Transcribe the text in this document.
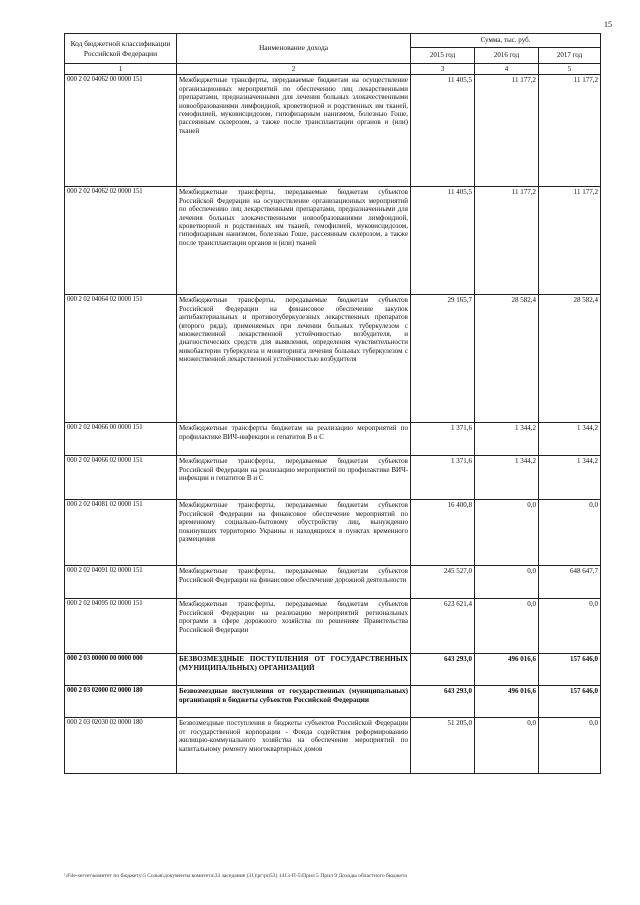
15
Код бюджетной классификации Российской Федерации	Наименование дохода	Сумма, тыс. руб.		
		2015 год	2016 год	2017 год
1	2	3	4	5
000 2 02 04062 00 0000 151	Межбюджетные трансферты, передаваемые бюджетам на осуществление организационных мероприятий по обеспечению лиц лекарственными препаратами, предназначенными для лечения больных злокачественными новообразованиями лимфоидной, кроветворной и родственных им тканей, гемофилией, муковисцидозом, гипофизарным нанизмом, болезнью Гоше, рассеянным склерозом, а также после трансплантации органов и (или) тканей	11 405,5	11 177,2	11 177,2
000 2 02 04062 02 0000 151	Межбюджетные трансферты, передаваемые бюджетам субъектов Российской Федерации на осуществление организационных мероприятий по обеспечению лиц лекарственными препаратами, предназначенными для лечения больных злокачественными новообразованиями лимфоидной, кроветворной и родственных им тканей, гемофилией, муковисцидозом, гипофизарным нанизмом, болезнью Гоше, рассеянным склерозом, а также после трансплантации органов и (или) тканей	11 405,5	11 177,2	11 177,2
000 2 02 04064 02 0000 151	Межбюджетные трансферты, передаваемые бюджетам субъектов Российской Федерации на финансовое обеспечение закупок антибактериальных и противотуберкулезных лекарственных препаратов (второго ряда), применяемых при лечении больных туберкулезом с множественной лекарственной устойчивостью возбудителя, и диагностических средств для выявления, определения чувствительности микобактерии туберкулеза и мониторинга лечения больных туберкулезом с множественной лекарственной устойчивостью возбудителя	29 165,7	28 582,4	28 582,4
000 2 02 04066 00 0000 151	Межбюджетные трансферты бюджетам на реализацию мероприятий по профилактике ВИЧ-инфекции и гепатитов В и С	1 371,6	1 344,2	1 344,2
000 2 02 04066 02 0000 151	Межбюджетные трансферты, передаваемые бюджетам субъектов Российской Федерации на реализацию мероприятий по профилактике ВИЧ-инфекции и гепатитов В и С	1 371,6	1 344,2	1 344,2
000 2 02 04081 02 0000 151	Межбюджетные трансферты, передаваемые бюджетам субъектов Российской Федерации на финансовое обеспечение мероприятий по временному социально-бытовому обустройству лиц, вынужденно покинувших территорию Украины и находящихся в пунктах временного размещения	16 400,8	0,0	0,0
000 2 02 04091 02 0000 151	Межбюджетные трансферты, передаваемые бюджетам субъектов Российской Федерации на финансовое обеспечение дорожной деятельности	245 527,0	0,0	648 647,7
000 2 02 04095 02 0000 151	Межбюджетные трансферты, передаваемые бюджетам субъектов Российской Федерации на реализацию мероприятий региональных программ в сфере дорожного хозяйства по решениям Правительства Российской Федерации	623 621,4	0,0	0,0
000 2 03 00000 00 0000 000	БЕЗВОЗМЕЗДНЫЕ ПОСТУПЛЕНИЯ ОТ ГОСУДАРСТВЕННЫХ (МУНИЦИПАЛЬНЫХ) ОРГАНИЗАЦИЙ	643 293,0	496 016,6	157 646,0
000 2 03 02000 02 0000 180	Безвозмездные поступления от государственных (муниципальных) организаций в бюджеты субъектов Российской Федерации	643 293,0	496 016,6	157 646,0
000 2 03 02030 02 0000 180	Безвозмездные поступления в бюджеты субъектов Российской Федерации от государственной корпорации - Фонда содействия реформированию жилищно-коммунального хозяйства на обеспечение мероприятий по капитальному ремонту многоквартирных домов	51 205,0	0,0	0,0
\\File-server\комитет по бюджету\5 Созыв\документы комитета\33 заседание (31)\рг\рп53) 1413-П-5\Прил 5 Прил 9 Доходы областного бюджета
